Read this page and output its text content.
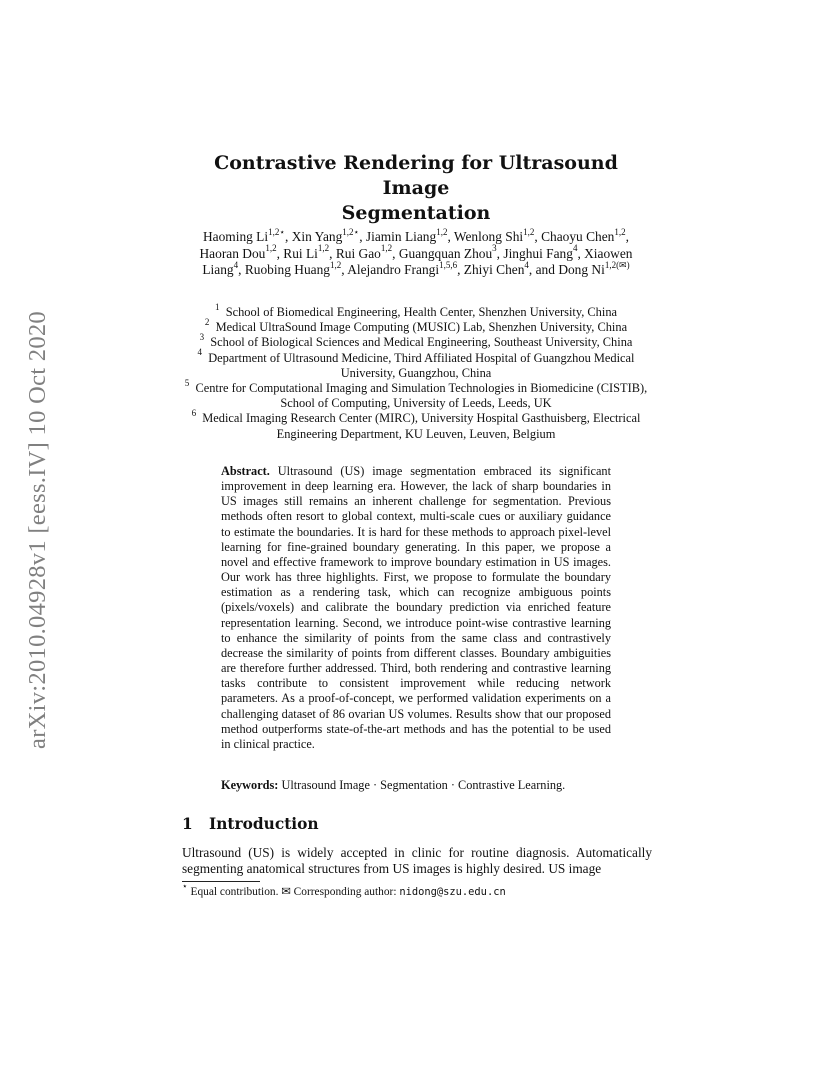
arXiv:2010.04928v1 [eess.IV] 10 Oct 2020
Contrastive Rendering for Ultrasound Image
Segmentation

Haoming $Li^{1,2⋆}$, Xin Yang$^{1,2⋆}$, Jiamin Liang$^{1,2}$, Wenlong Shi$^{1,2}$, Chaoyu Chen$^{1,2}$, Haoran Dou$^{1,2}$, Rui Li$^{1,2}$, Rui Gao$^{1,2}$, Guangquan Zhou$^3$, Jinghui Fang$^4$, Xiaowen Liang$^4$, Ruobing Huang$^{1,2}$, Alejandro Frangi$^{1,5,6}$, Zhiyi Chen$^4$, and Dong $Ni^{1,2(✉)}$

$^1$  School of Biomedical Engineering, Health Center, Shenzhen University, China
$^2$  Medical UltraSound Image Computing (MUSIC) Lab, Shenzhen University, China
$^3$  School of Biological Sciences and Medical Engineering, Southeast University, China
$^4$  Department of Ultrasound Medicine, Third Affiliated Hospital of Guangzhou Medical University, Guangzhou, China
$^5$  Centre for Computational Imaging and Simulation Technologies in Biomedicine (CISTIB), School of Computing, University of Leeds, Leeds, UK
$^6$  Medical Imaging Research Center (MIRC), University Hospital Gasthuisberg, Electrical Engineering Department, KU Leuven, Leuven, Belgium

Abstract. Ultrasound (US) image segmentation embraced its significant improvement in deep learning era. However, the lack of sharp boundaries in US images still remains an inherent challenge for segmentation. Previous methods often resort to global context, multi-scale cues or auxiliary guidance to estimate the boundaries. It is hard for these methods to approach pixel-level learning for fine-grained boundary generating. In this paper, we propose a novel and effective framework to improve boundary estimation in US images. Our work has three highlights. First, we propose to formulate the boundary estimation as a rendering task, which can recognize ambiguous points (pixels/voxels) and calibrate the boundary prediction via enriched feature representation learning. Second, we introduce point-wise contrastive learning to enhance the similarity of points from the same class and contrastively decrease the similarity of points from different classes. Boundary ambiguities are therefore further addressed. Third, both rendering and contrastive learning tasks contribute to consistent improvement while reducing network parameters. As a proof-of-concept, we performed validation experiments on a challenging dataset of 86 ovarian US volumes. Results show that our proposed method outperforms state-of-the-art methods and has the potential to be used in clinical practice.

Keywords: Ultrasound Image · Segmentation · Contrastive Learning.

1 Introduction

Ultrasound (US) is widely accepted in clinic for routine diagnosis. Automatically segmenting anatomical structures from US images is highly desired. US image

⋆ Equal contribution. ✉ Corresponding author: nidong@szu.edu.cn
